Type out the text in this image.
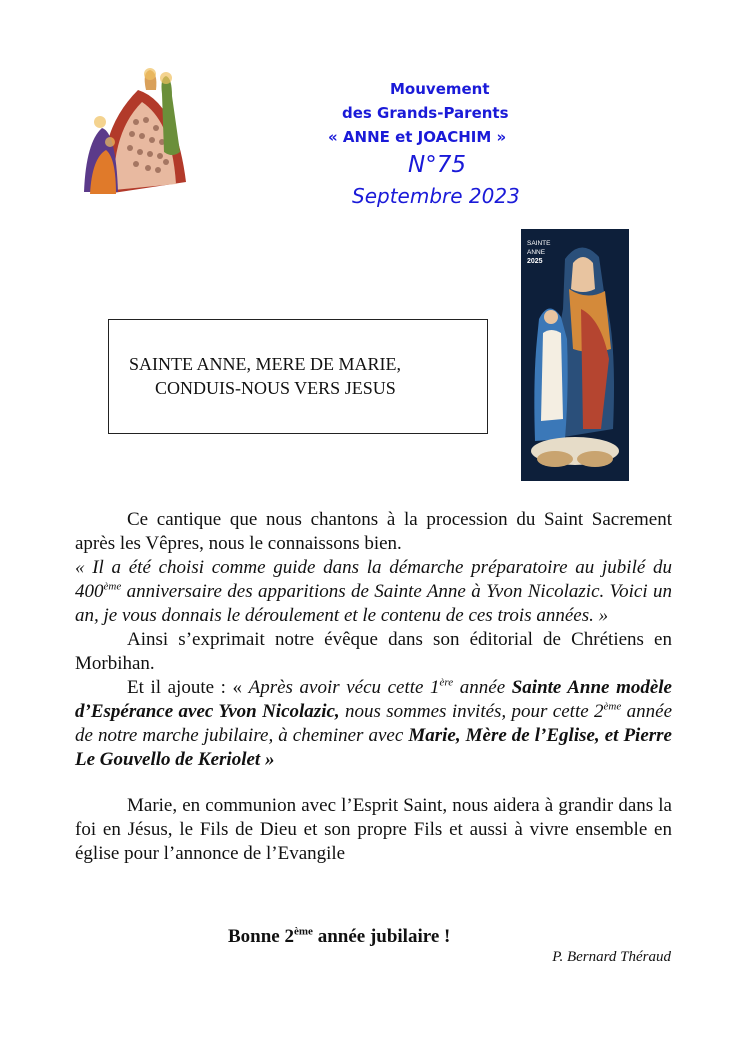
Mouvement
des Grands-Parents
« ANNE et JOACHIM »
N°75
Septembre 2023
SAINTE ANNE, MERE DE MARIE,
CONDUIS-NOUS VERS JESUS
SAINTE
ANNE
2025

Ce cantique que nous chantons à la procession du Saint Sacrement après les Vêpres, nous le connaissons bien.

« Il a été choisi comme guide dans la démarche préparatoire au jubilé du 400ème anniversaire des apparitions de Sainte Anne à Yvon Nicolazic. Voici un an, je vous donnais le déroulement et le contenu de ces trois années. »

Ainsi s’exprimait notre évêque dans son éditorial de Chrétiens en Morbihan.

Et il ajoute : « Après avoir vécu cette 1ère année Sainte Anne modèle d’Espérance avec Yvon Nicolazic, nous sommes invités, pour cette 2ème année de notre marche jubilaire, à cheminer avec Marie, Mère de l’Eglise, et Pierre Le Gouvello de Keriolet »

Marie, en communion avec l’Esprit Saint, nous aidera à grandir dans la foi en Jésus, le Fils de Dieu et son propre Fils et aussi à vivre ensemble en église pour l’annonce de l’Evangile

Bonne 2ème année jubilaire !
P. Bernard Théraud
